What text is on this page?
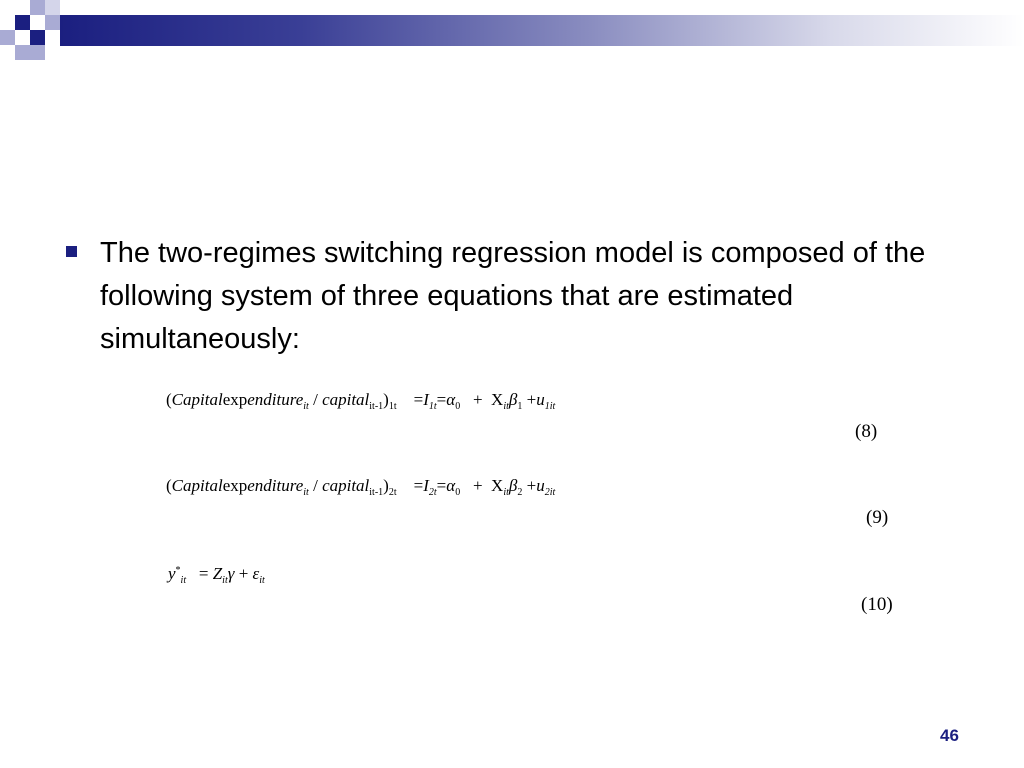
The two-regimes switching regression model is composed of the following system of three equations that are estimated simultaneously:
(Capitalexpenditure$_{it}$ / $capital_{it-1})_{1t} =I_{1t}=\alpha_0 + X_{it}\beta_1 +u_{1it}$
(8)
(Capitalexpenditure$_{it}$ / $capital_{it-1})_{2t} =I_{2t}=\alpha_0 + X_{it}\beta_2 +u_{2it}$
(9)
$y^*_{it} = Z_{it}\gamma + \varepsilon_{it}$
(10)
46
